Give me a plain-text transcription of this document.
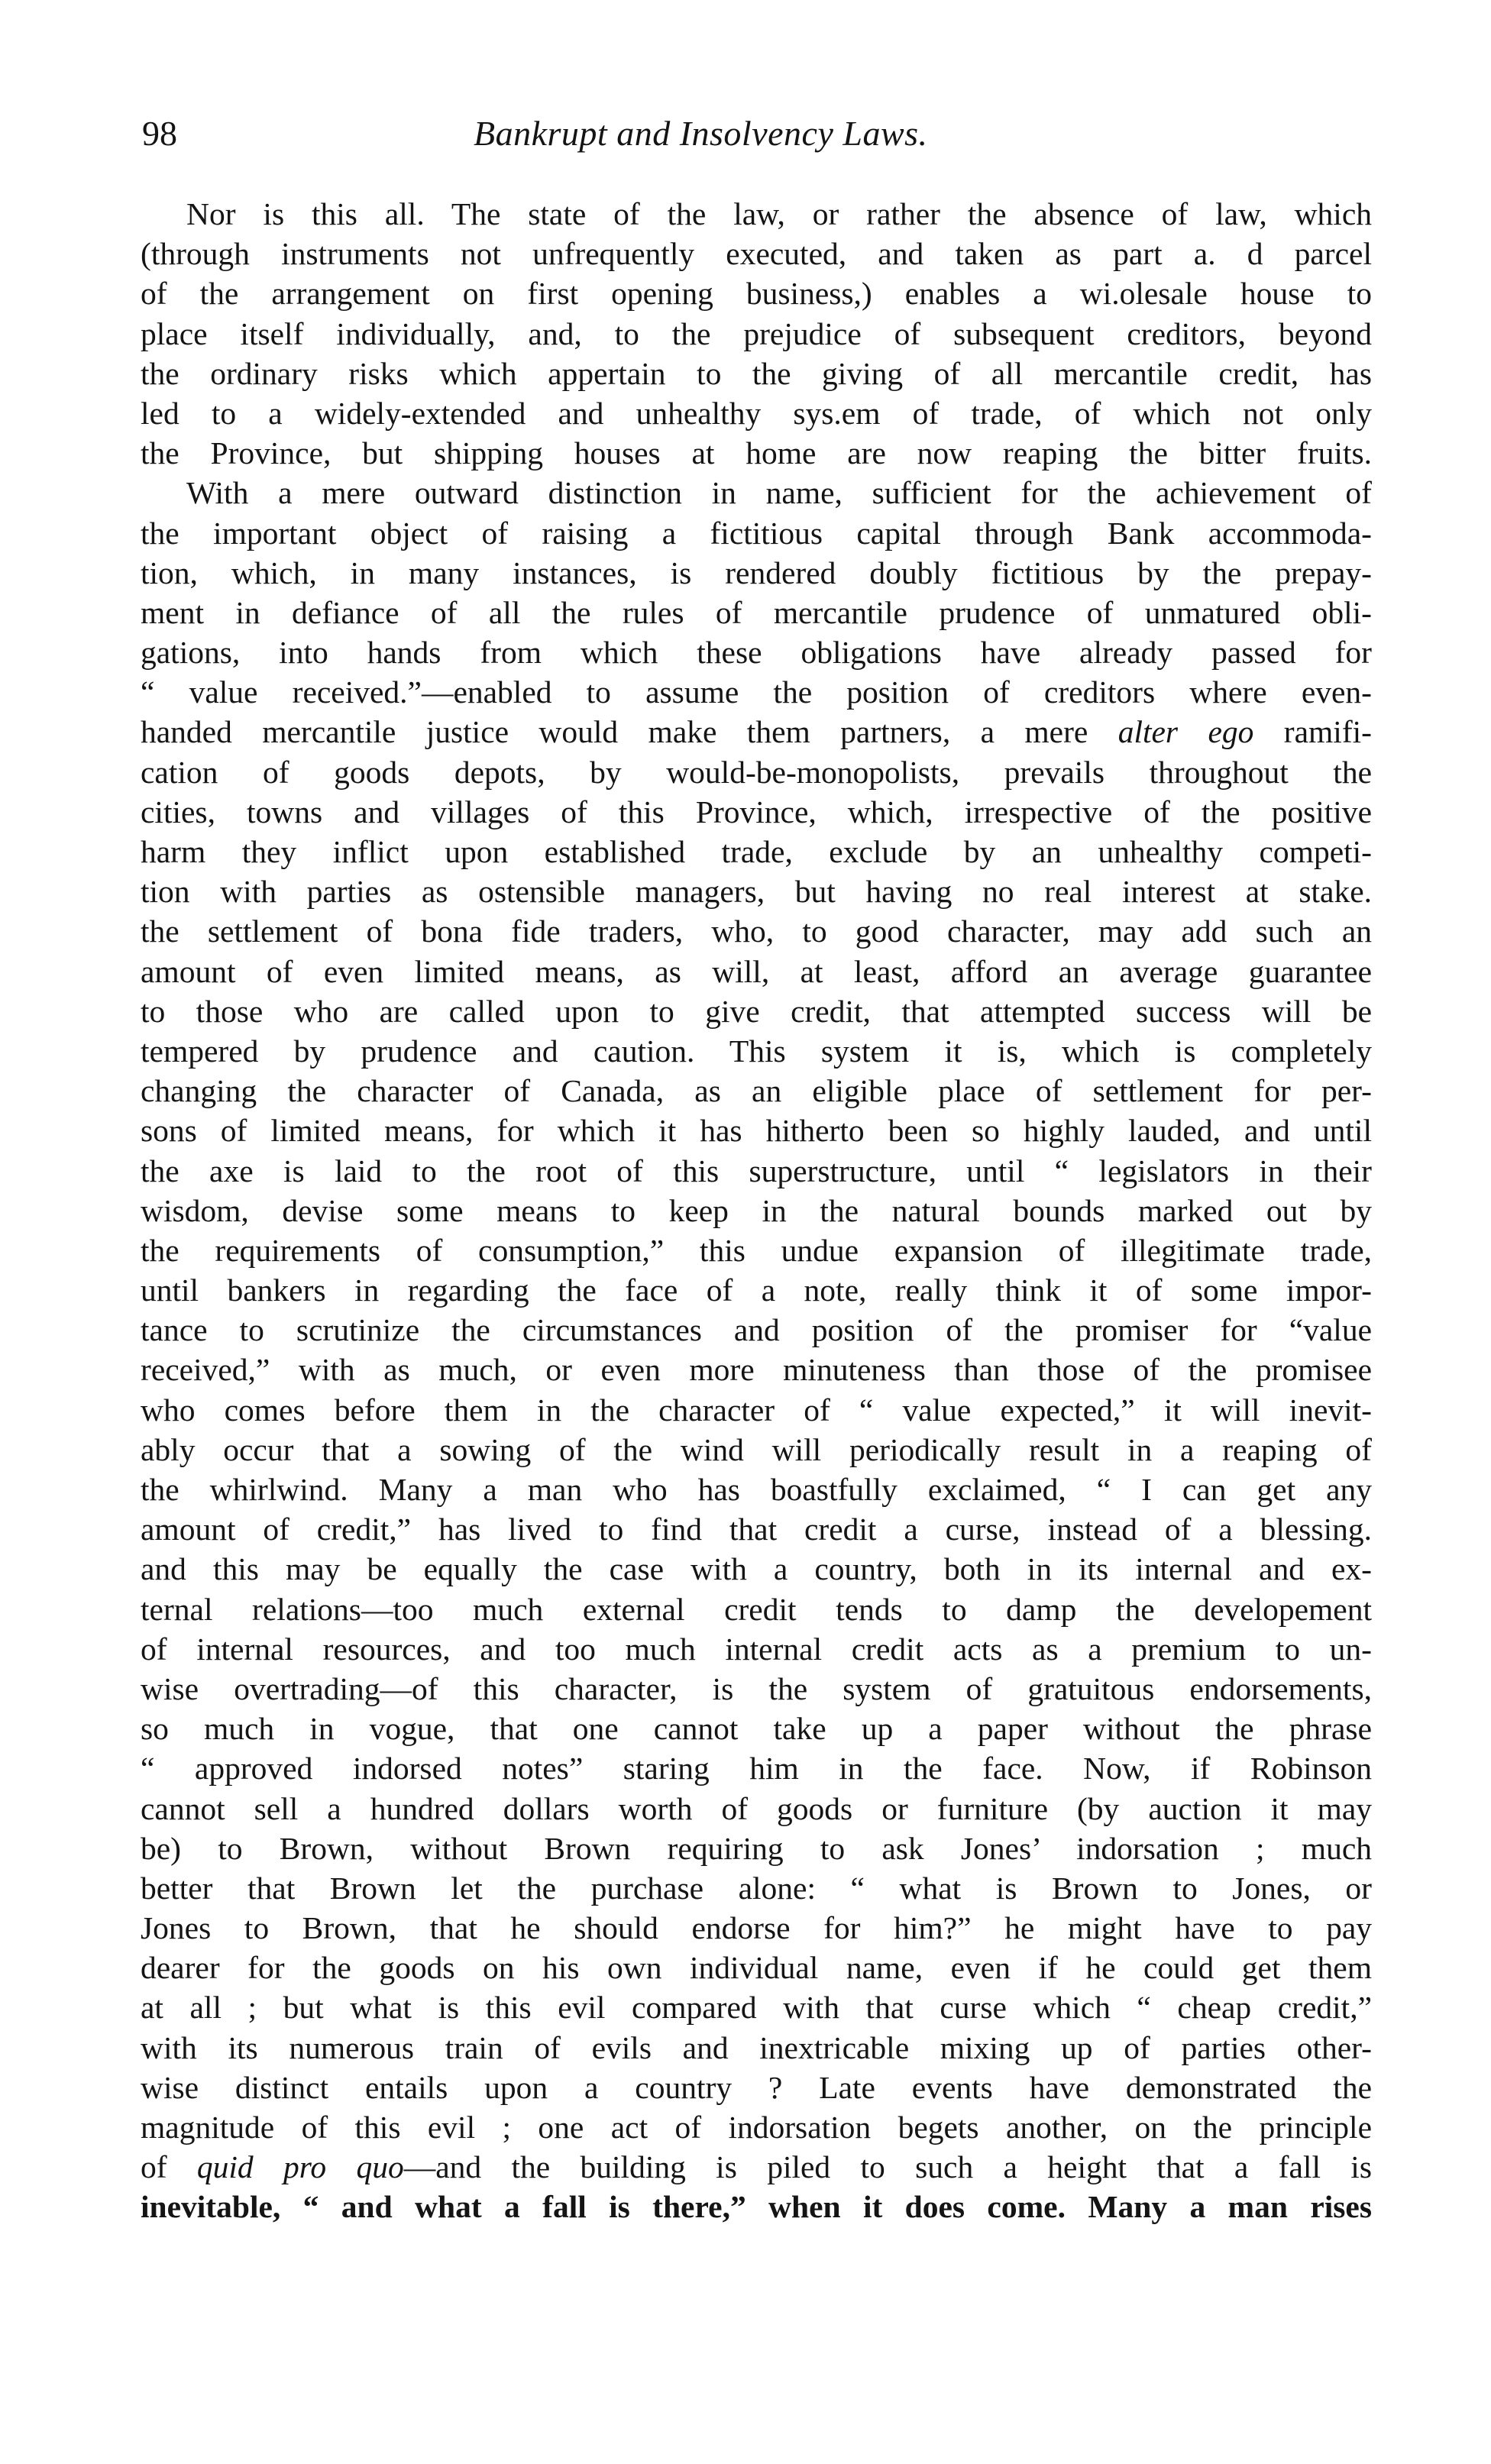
98	Bankrupt and Insolvency Laws.
Nor is this all. The state of the law, or rather the absence of law, which
(through instruments not unfrequently executed, and taken as part a. d parcel
of the arrangement on first opening business,) enables a wi.olesale house to
place itself individually, and, to the prejudice of subsequent creditors, beyond
the ordinary risks which appertain to the giving of all mercantile credit, has
led to a widely-extended and unhealthy sys.em of trade, of which not only
the Province, but shipping houses at home are now reaping the bitter fruits.
With a mere outward distinction in name, sufficient for the achievement of
the important object of raising a fictitious capital through Bank accommoda-
tion, which, in many instances, is rendered doubly fictitious by the prepay-
ment in defiance of all the rules of mercantile prudence of unmatured obli-
gations, into hands from which these obligations have already passed for
“ value received.”—enabled to assume the position of creditors where even-
handed mercantile justice would make them partners, a mere alter ego ramifi-
cation of goods depots, by would-be-monopolists, prevails throughout the
cities, towns and villages of this Province, which, irrespective of the positive
harm they inflict upon established trade, exclude by an unhealthy competi-
tion with parties as ostensible managers, but having no real interest at stake.
the settlement of bona fide traders, who, to good character, may add such an
amount of even limited means, as will, at least, afford an average guarantee
to those who are called upon to give credit, that attempted success will be
tempered by prudence and caution. This system it is, which is completely
changing the character of Canada, as an eligible place of settlement for per-
sons of limited means, for which it has hitherto been so highly lauded, and until
the axe is laid to the root of this superstructure, until “ legislators in their
wisdom, devise some means to keep in the natural bounds marked out by
the requirements of consumption,” this undue expansion of illegitimate trade,
until bankers in regarding the face of a note, really think it of some impor-
tance to scrutinize the circumstances and position of the promiser for “value
received,” with as much, or even more minuteness than those of the promisee
who comes before them in the character of “ value expected,” it will inevit-
ably occur that a sowing of the wind will periodically result in a reaping of
the whirlwind. Many a man who has boastfully exclaimed, “ I can get any
amount of credit,” has lived to find that credit a curse, instead of a blessing.
and this may be equally the case with a country, both in its internal and ex-
ternal relations—too much external credit tends to damp the developement
of internal resources, and too much internal credit acts as a premium to un-
wise overtrading—of this character, is the system of gratuitous endorsements,
so much in vogue, that one cannot take up a paper without the phrase
“ approved indorsed notes” staring him in the face. Now, if Robinson
cannot sell a hundred dollars worth of goods or furniture (by auction it may
be) to Brown, without Brown requiring to ask Jones’ indorsation ; much
better that Brown let the purchase alone: “ what is Brown to Jones, or
Jones to Brown, that he should endorse for him?” he might have to pay
dearer for the goods on his own individual name, even if he could get them
at all ; but what is this evil compared with that curse which “ cheap credit,”
with its numerous train of evils and inextricable mixing up of parties other-
wise distinct entails upon a country ? Late events have demonstrated the
magnitude of this evil ; one act of indorsation begets another, on the principle
of quid pro quo—and the building is piled to such a height that a fall is
inevitable, “ and what a fall is there,” when it does come. Many a man rises
